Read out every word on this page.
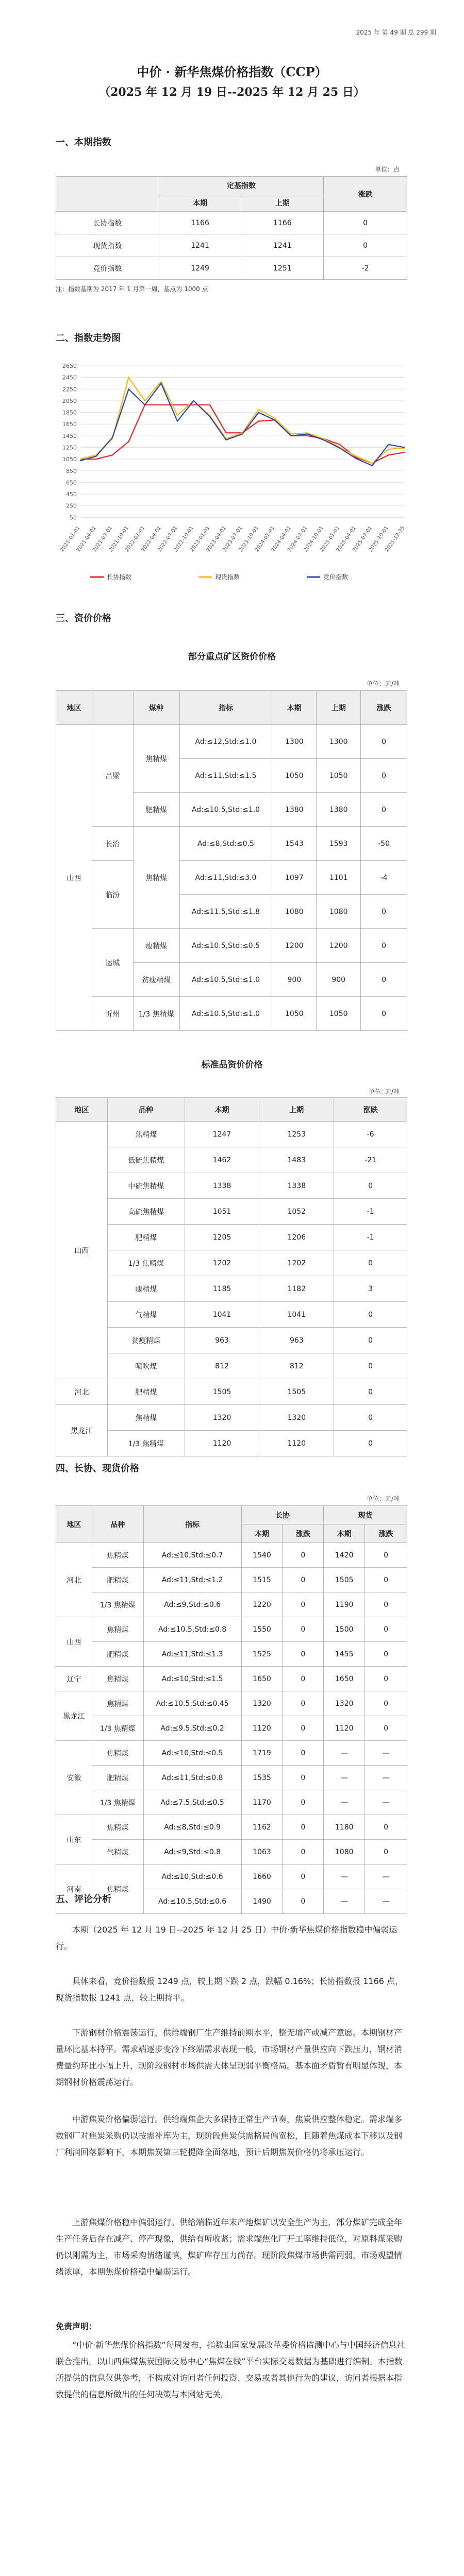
2025 年 第 49 期 总 299 期
中价 · 新华焦煤价格指数（CCP）
（2025 年 12 月 19 日--2025 年 12 月 25 日）
一、本期指数
单位：点
	定基指数		涨跌
	本期	上期	
长协指数	1166	1166	0
现货指数	1241	1241	0
竞价指数	1249	1251	-2
注：指数基期为 2017 年 1 月第一周，基点为 1000 点
二、指数走势图
2650
2450
2250
2050
1850
1650
1450
1250
1050
850
650
450
250
50
2021-01-01
2021-04-01
2021-07-01
2021-10-01
2022-01-01
2022-04-01
2022-07-01
2022-10-01
2023-01-01
2023-04-01
2023-07-01
2023-10-01
2024-01-01
2024-04-01
2024-07-01
2024-10-01
2025-01-01
2025-04-01
2025-07-01
2025-10-01
2025-12-25
长协指数	现货指数	竞价指数
三、资价价格
部分重点矿区资价价格
单位：元/吨
地区		煤种	指标	本期	上期	涨跌
山西	吕梁	焦精煤	Ad:≤12,Std:≤1.0	1300	1300	0
			Ad:≤11,Std:≤1.5	1050	1050	0
		肥精煤	Ad:≤10.5,Std:≤1.0	1380	1380	0
	长治	焦精煤	Ad:≤8,Std:≤0.5	1543	1593	-50
	临汾		Ad:≤11,Std:≤3.0	1097	1101	-4
			Ad:≤11.5,Std:≤1.8	1080	1080	0
	运城	瘦精煤	Ad:≤10.5,Std:≤0.5	1200	1200	0
		贫瘦精煤	Ad:≤10.5,Std:≤1.0	900	900	0
	忻州	1/3 焦精煤	Ad:≤10.5,Std:≤1.0	1050	1050	0
标准品资价价格
单位: 元/吨
地区	品种	本期	上期	涨跌
山西	焦精煤	1247	1253	-6
	低硫焦精煤	1462	1483	-21
	中硫焦精煤	1338	1338	0
	高硫焦精煤	1051	1052	-1
	肥精煤	1205	1206	-1
	1/3 焦精煤	1202	1202	0
	瘦精煤	1185	1182	3
	气精煤	1041	1041	0
	贫瘦精煤	963	963	0
	喷吹煤	812	812	0
河北	肥精煤	1505	1505	0
黑龙江	焦精煤	1320	1320	0
	1/3 焦精煤	1120	1120	0
四、长协、现货价格
单位：元/吨
地区	品种	指标	长协		现货	
			本期	涨跌	本期	涨跌
河北	焦精煤	Ad:≤10,Std:≤0.7	1540	0	1420	0
	肥精煤	Ad:≤11,Std:≤1.2	1515	0	1505	0
	1/3 焦精煤	Ad:≤9,Std:≤0.6	1220	0	1190	0
山西	焦精煤	Ad:≤10.5,Std:≤0.8	1550	0	1500	0
	肥精煤	Ad:≤11,Std:≤1.3	1525	0	1455	0
辽宁	焦精煤	Ad:≤10,Std:≤1.5	1650	0	1650	0
黑龙江	焦精煤	Ad:≤10.5,Std:≤0.45	1320	0	1320	0
	1/3 焦精煤	Ad:≤9.5,Std:≤0.2	1120	0	1120	0
安徽	焦精煤	Ad:≤10,Std:≤0.5	1719	0	—	—
	肥精煤	Ad:≤11,Std:≤0.8	1535	0	—	—
	1/3 焦精煤	Ad:≤7.5,Std:≤0.5	1170	0	—	—
山东	焦精煤	Ad:≤8,Std:≤0.9	1162	0	1180	0
	气精煤	Ad:≤9,Std:≤0.8	1063	0	1080	0
河南	焦精煤	Ad:≤10,Std:≤0.6	1660	0	—	—
		Ad:≤10.5,Std:≤0.6	1490	0	—	—
五、评论分析
本期（2025 年 12 月 19 日--2025 年 12 月 25 日）中价·新华焦煤价格指数稳中偏弱运行。
具体来看，竞价指数报 1249 点，较上期下跌 2 点，跌幅 0.16%；长协指数报 1166 点，现货指数报 1241 点，较上期持平。
下游钢材价格震荡运行，供给端钢厂生产维持前期水平，整无增产或减产意愿。本期钢材产量环比基本持平。需求端逐步变冷下终端需求表现一般，市场钢材产量供应向下跌压力，钢材消费量约环比小幅上升，现阶段钢材市场供需大体呈现弱平衡格局。基本面矛盾暂有明显体现，本期钢材价格震荡运行。
中游焦炭价格偏弱运行。供给端焦企大多保持正常生产节奏，焦炭供应整体稳定。需求端多数钢厂对焦炭采购仍以按需补库为主，现阶段焦炭供需格局偏宽松，且随着焦煤成本下移以及钢厂利润回落影响下，本期焦炭第三轮提降全面落地，预计后期焦炭价格仍将承压运行。
上游焦煤价格稳中偏弱运行。供给端临近年末产地煤矿以安全生产为主，部分煤矿完成全年生产任务后存在减产、停产现象，供给有所收紧；需求端焦化厂开工率维持低位，对原料煤采购仍以刚需为主，市场采购情绪谨慎，煤矿库存压力尚存。现阶段焦煤市场供需两弱，市场观望情绪浓厚，本期焦煤价格稳中偏弱运行。
免责声明：
“中价·新华焦煤价格指数”每周发布，指数由国家发展改革委价格监测中心与中国经济信息社联合推出，以山西焦煤焦炭国际交易中心“焦煤在线”平台实际交易数据为基础进行编制。本指数所提供的信息仅供参考，不构成对访问者任何投资、交易或者其他行为的建议，访问者根据本指数提供的信息所做出的任何决策与本网站无关。
